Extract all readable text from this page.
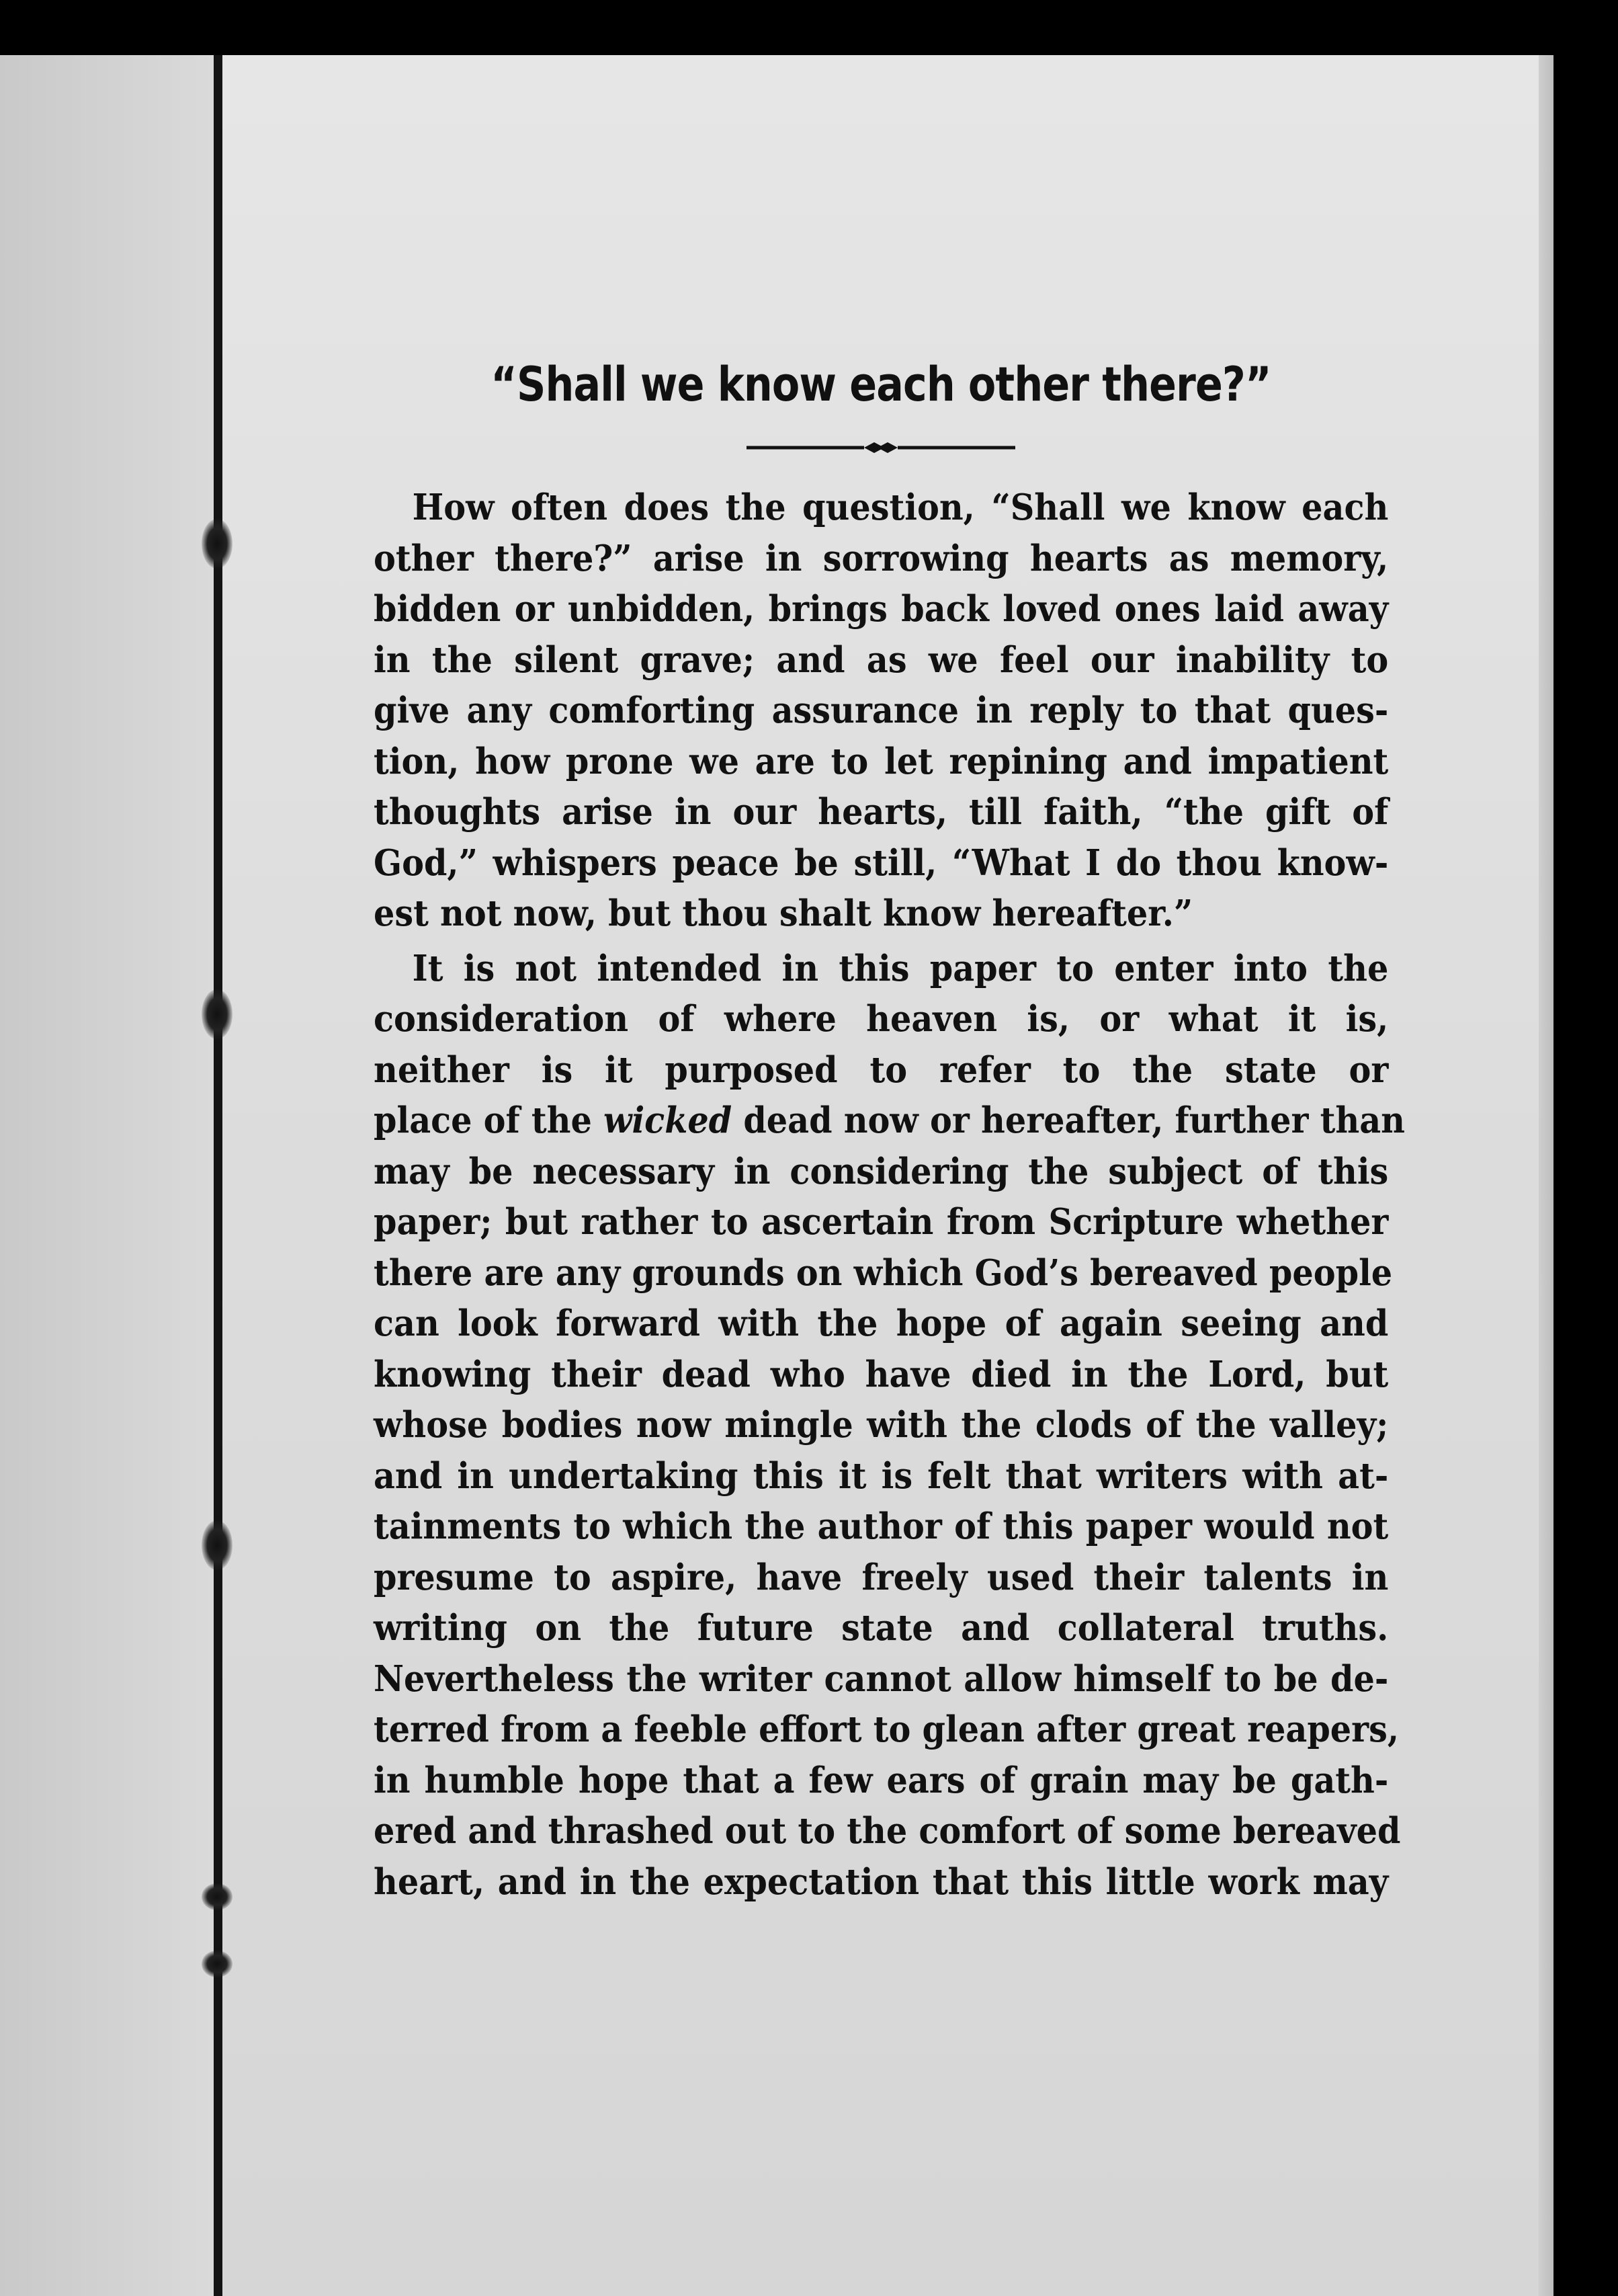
“Shall we know each other there?”
How often does the question, “Shall we know each
other there?” arise in sorrowing hearts as memory,
bidden or unbidden, brings back loved ones laid away
in the silent grave; and as we feel our inability to
give any comforting assurance in reply to that ques-
tion, how prone we are to let repining and impatient
thoughts arise in our hearts, till faith, “the gift of
God,” whispers peace be still, “What I do thou know-
est not now, but thou shalt know hereafter.”
It is not intended in this paper to enter into the
consideration of where heaven is, or what it is,
neither is it purposed to refer to the state or
place of the wicked dead now or hereafter, further than
may be necessary in considering the subject of this
paper; but rather to ascertain from Scripture whether
there are any grounds on which God’s bereaved people
can look forward with the hope of again seeing and
knowing their dead who have died in the Lord, but
whose bodies now mingle with the clods of the valley;
and in undertaking this it is felt that writers with at-
tainments to which the author of this paper would not
presume to aspire, have freely used their talents in
writing on the future state and collateral truths.
Nevertheless the writer cannot allow himself to be de-
terred from a feeble effort to glean after great reapers,
in humble hope that a few ears of grain may be gath-
ered and thrashed out to the comfort of some bereaved
heart, and in the expectation that this little work may
